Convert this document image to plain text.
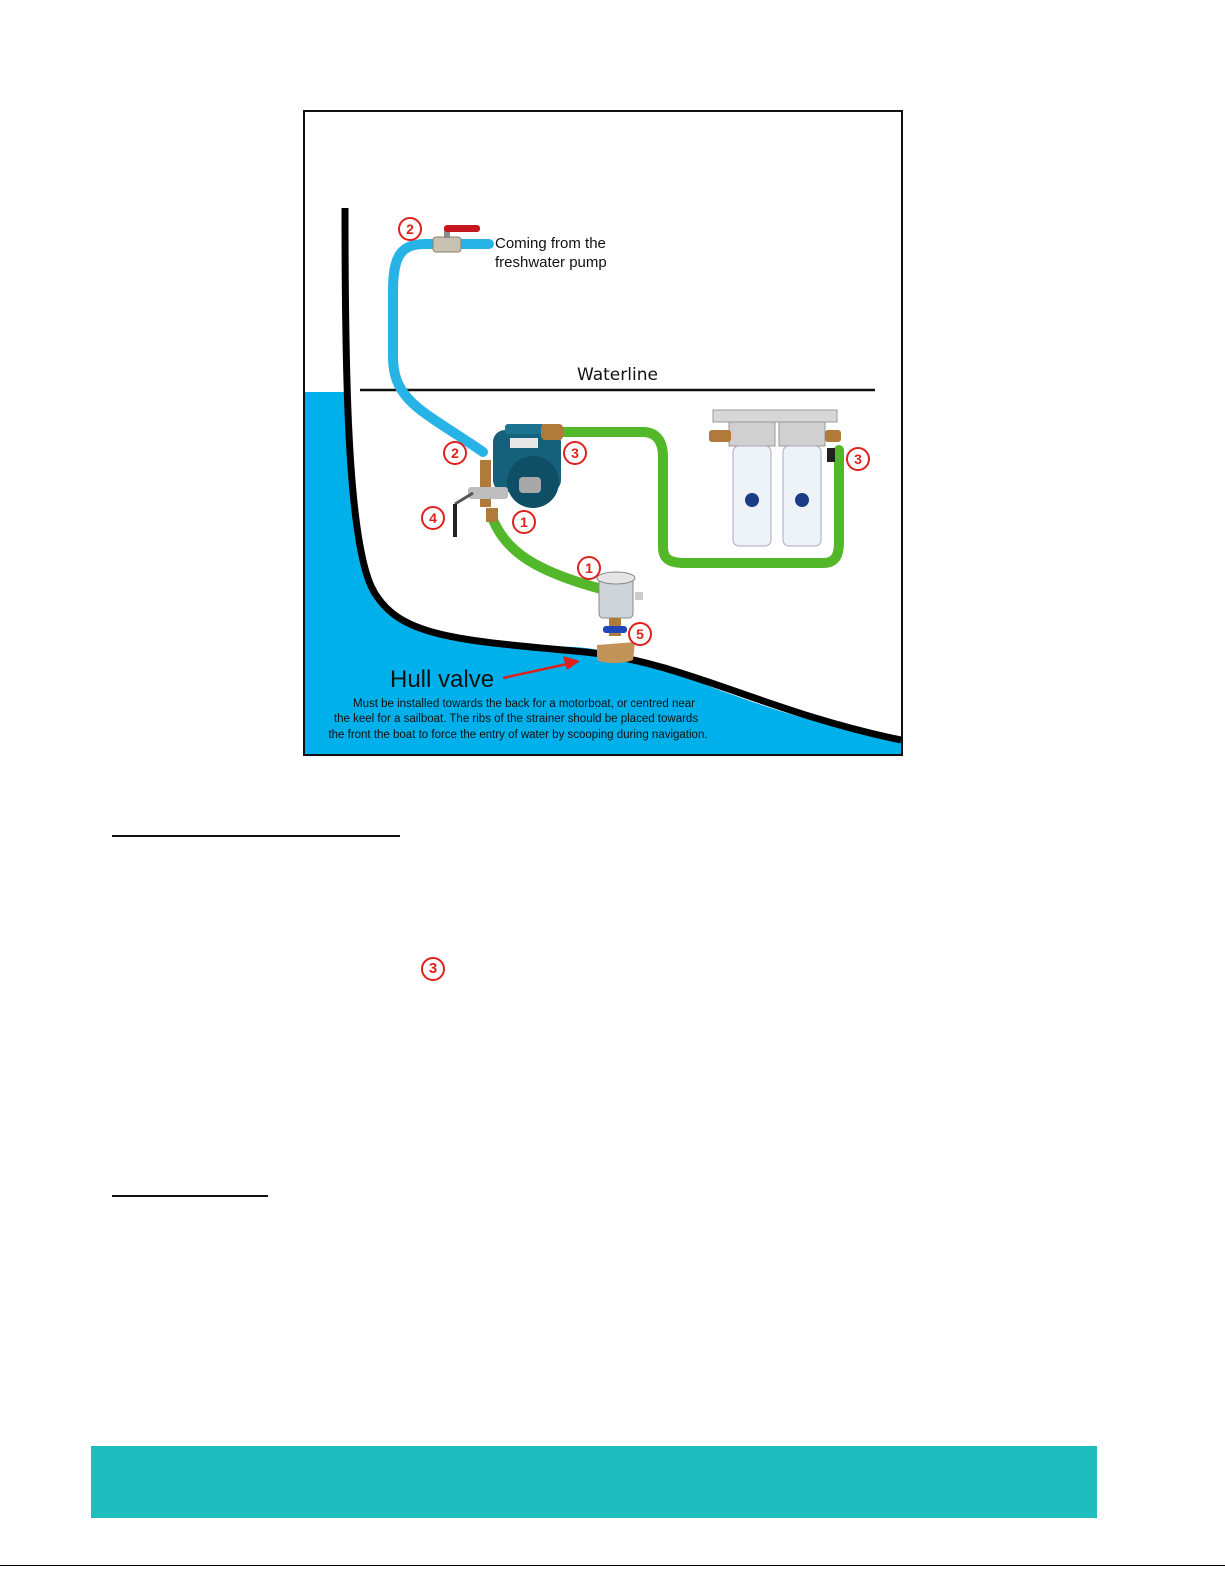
Waterline
Coming from the
freshwater pump
Hull valve
Must be installed towards the back for a motorboat, or centred near
the keel for a sailboat. The ribs of the strainer should be placed towards
the front the boat to force the entry of water by scooping during navigation.
2
2	3	3
4	1
1
5
3
